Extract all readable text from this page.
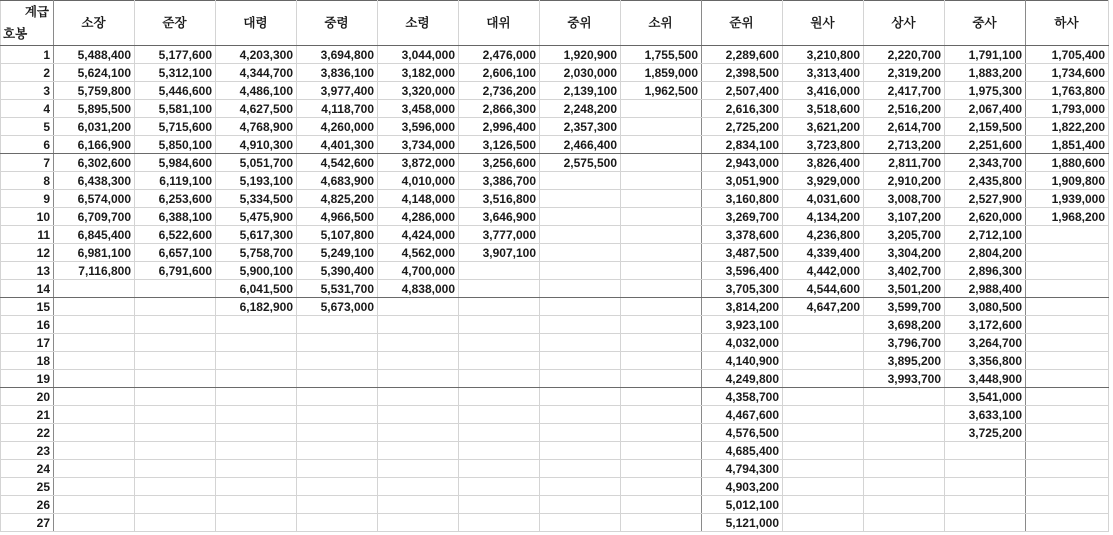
계급
호봉	소장	준장	대령	중령	소령	대위	중위	소위	준위	원사	상사	중사	하사
1	5,488,400	5,177,600	4,203,300	3,694,800	3,044,000	2,476,000	1,920,900	1,755,500	2,289,600	3,210,800	2,220,700	1,791,100	1,705,400
2	5,624,100	5,312,100	4,344,700	3,836,100	3,182,000	2,606,100	2,030,000	1,859,000	2,398,500	3,313,400	2,319,200	1,883,200	1,734,600
3	5,759,800	5,446,600	4,486,100	3,977,400	3,320,000	2,736,200	2,139,100	1,962,500	2,507,400	3,416,000	2,417,700	1,975,300	1,763,800
4	5,895,500	5,581,100	4,627,500	4,118,700	3,458,000	2,866,300	2,248,200		2,616,300	3,518,600	2,516,200	2,067,400	1,793,000
5	6,031,200	5,715,600	4,768,900	4,260,000	3,596,000	2,996,400	2,357,300		2,725,200	3,621,200	2,614,700	2,159,500	1,822,200
6	6,166,900	5,850,100	4,910,300	4,401,300	3,734,000	3,126,500	2,466,400		2,834,100	3,723,800	2,713,200	2,251,600	1,851,400
7	6,302,600	5,984,600	5,051,700	4,542,600	3,872,000	3,256,600	2,575,500		2,943,000	3,826,400	2,811,700	2,343,700	1,880,600
8	6,438,300	6,119,100	5,193,100	4,683,900	4,010,000	3,386,700			3,051,900	3,929,000	2,910,200	2,435,800	1,909,800
9	6,574,000	6,253,600	5,334,500	4,825,200	4,148,000	3,516,800			3,160,800	4,031,600	3,008,700	2,527,900	1,939,000
10	6,709,700	6,388,100	5,475,900	4,966,500	4,286,000	3,646,900			3,269,700	4,134,200	3,107,200	2,620,000	1,968,200
11	6,845,400	6,522,600	5,617,300	5,107,800	4,424,000	3,777,000			3,378,600	4,236,800	3,205,700	2,712,100	
12	6,981,100	6,657,100	5,758,700	5,249,100	4,562,000	3,907,100			3,487,500	4,339,400	3,304,200	2,804,200	
13	7,116,800	6,791,600	5,900,100	5,390,400	4,700,000				3,596,400	4,442,000	3,402,700	2,896,300	
14			6,041,500	5,531,700	4,838,000				3,705,300	4,544,600	3,501,200	2,988,400	
15			6,182,900	5,673,000					3,814,200	4,647,200	3,599,700	3,080,500	
16									3,923,100		3,698,200	3,172,600	
17									4,032,000		3,796,700	3,264,700	
18									4,140,900		3,895,200	3,356,800	
19									4,249,800		3,993,700	3,448,900	
20									4,358,700			3,541,000	
21									4,467,600			3,633,100	
22									4,576,500			3,725,200	
23									4,685,400				
24									4,794,300				
25									4,903,200				
26									5,012,100				
27									5,121,000				
